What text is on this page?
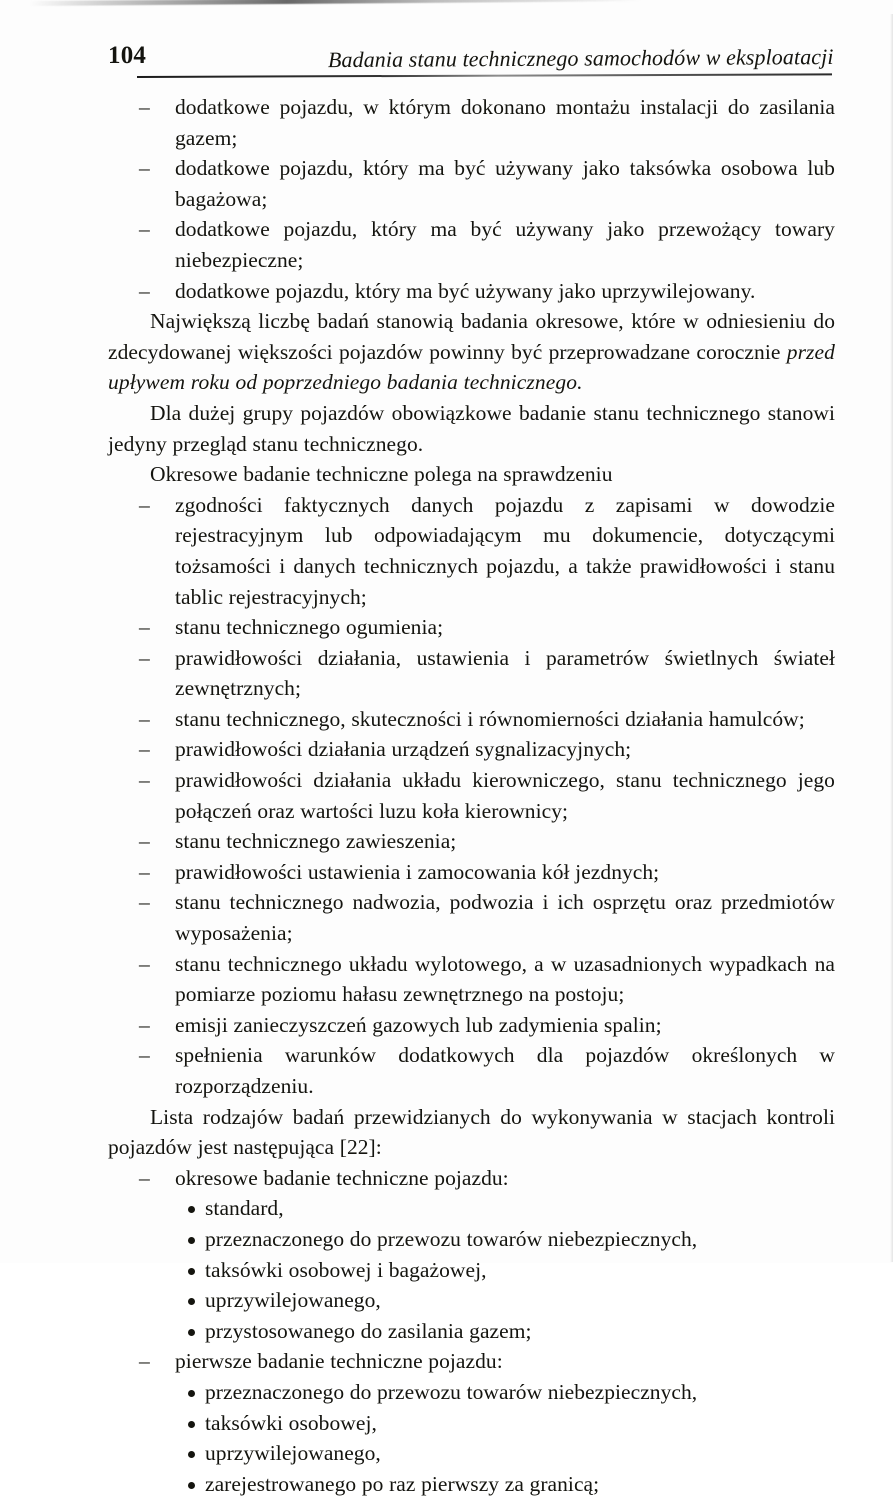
104	Badania stanu technicznego samochodów w eksploatacji
– dodatkowe pojazdu, w którym dokonano montażu instalacji do zasilania gazem;

– dodatkowe pojazdu, który ma być używany jako taksówka osobowa lub bagażowa;

– dodatkowe pojazdu, który ma być używany jako przewożący towary niebezpieczne;

– dodatkowe pojazdu, który ma być używany jako uprzywilejowany.

Największą liczbę badań stanowią badania okresowe, które w odniesieniu do zdecydowanej większości pojazdów powinny być przeprowadzane corocznie przed upływem roku od poprzedniego badania technicznego.

Dla dużej grupy pojazdów obowiązkowe badanie stanu technicznego stanowi jedyny przegląd stanu technicznego.

Okresowe badanie techniczne polega na sprawdzeniu

– zgodności faktycznych danych pojazdu z zapisami w dowodzie rejestracyjnym lub odpowiadającym mu dokumencie, dotyczącymi tożsamości i danych technicznych pojazdu, a także prawidłowości i stanu tablic rejestracyjnych;

– stanu technicznego ogumienia;

– prawidłowości działania, ustawienia i parametrów świetlnych świateł zewnętrznych;

– stanu technicznego, skuteczności i równomierności działania hamulców;

– prawidłowości działania urządzeń sygnalizacyjnych;

– prawidłowości działania układu kierowniczego, stanu technicznego jego połączeń oraz wartości luzu koła kierownicy;

– stanu technicznego zawieszenia;

– prawidłowości ustawienia i zamocowania kół jezdnych;

– stanu technicznego nadwozia, podwozia i ich osprzętu oraz przedmiotów wyposażenia;

– stanu technicznego układu wylotowego, a w uzasadnionych wypadkach na pomiarze poziomu hałasu zewnętrznego na postoju;

– emisji zanieczyszczeń gazowych lub zadymienia spalin;

– spełnienia warunków dodatkowych dla pojazdów określonych w rozporządzeniu.

Lista rodzajów badań przewidzianych do wykonywania w stacjach kontroli pojazdów jest następująca [22]:

– okresowe badanie techniczne pojazdu:

standard,

przeznaczonego do przewozu towarów niebezpiecznych,

taksówki osobowej i bagażowej,

uprzywilejowanego,

przystosowanego do zasilania gazem;

– pierwsze badanie techniczne pojazdu:

przeznaczonego do przewozu towarów niebezpiecznych,

taksówki osobowej,

uprzywilejowanego,

zarejestrowanego po raz pierwszy za granicą;
